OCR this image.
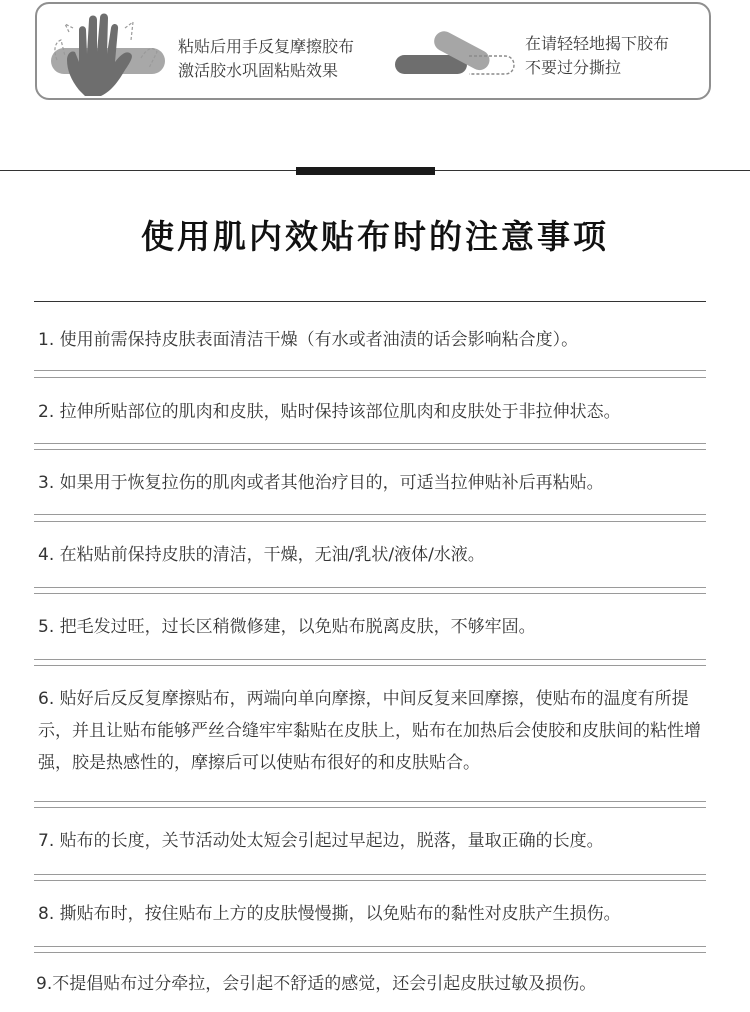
粘贴后用手反复摩擦胶布
激活胶水巩固粘贴效果
在请轻轻地揭下胶布
不要过分撕拉
使用肌内效贴布时的注意事项
1. 使用前需保持皮肤表面清洁干燥（有水或者油渍的话会影响粘合度）。
2. 拉伸所贴部位的肌肉和皮肤，贴时保持该部位肌肉和皮肤处于非拉伸状态。
3. 如果用于恢复拉伤的肌肉或者其他治疗目的，可适当拉伸贴补后再粘贴。
4. 在粘贴前保持皮肤的清洁，干燥，无油/乳状/液体/水液。
5. 把毛发过旺，过长区稍微修建，以免贴布脱离皮肤，不够牢固。
6. 贴好后反反复摩擦贴布，两端向单向摩擦，中间反复来回摩擦，使贴布的温度有所提示，并且让贴布能够严丝合缝牢牢黏贴在皮肤上，贴布在加热后会使胶和皮肤间的粘性增强，胶是热感性的，摩擦后可以使贴布很好的和皮肤贴合。
7. 贴布的长度，关节活动处太短会引起过早起边，脱落，量取正确的长度。
8. 撕贴布时，按住贴布上方的皮肤慢慢撕，以免贴布的黏性对皮肤产生损伤。
9.不提倡贴布过分牵拉，会引起不舒适的感觉，还会引起皮肤过敏及损伤。
